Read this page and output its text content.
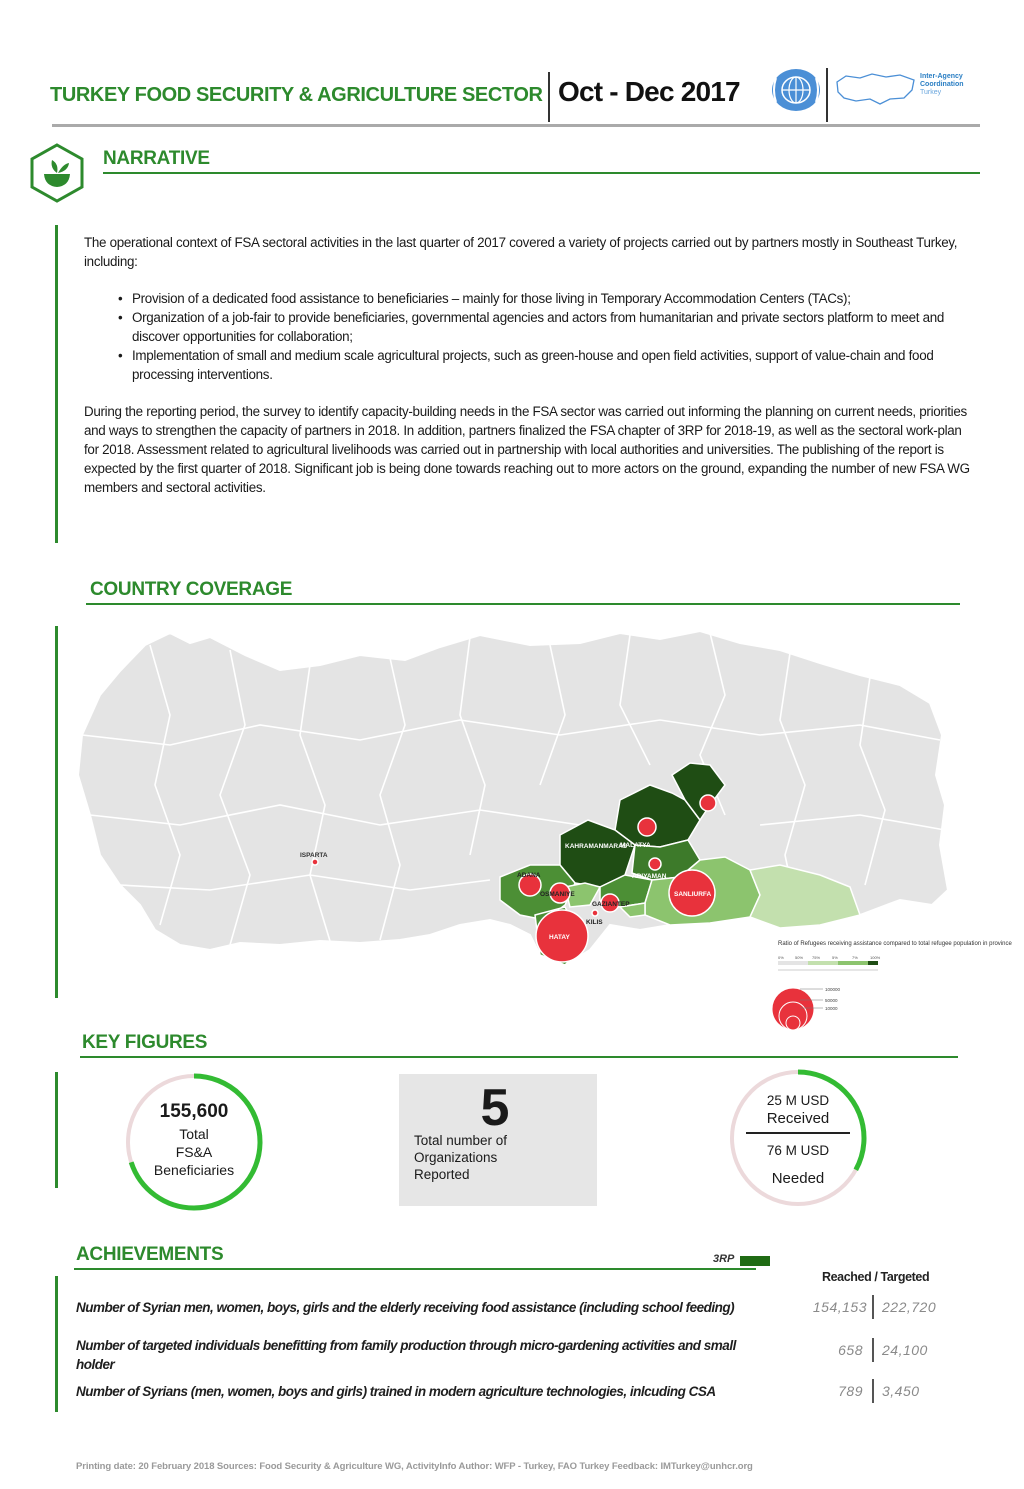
TURKEY FOOD SECURITY & AGRICULTURE SECTOR Oct - Dec 2017	Inter-Agency
Coordination
Turkey
NARRATIVE

The operational context of FSA sectoral activities in the last quarter of 2017 covered a variety of projects carried out by partners mostly in Southeast Turkey, including:

• Provision of a dedicated food assistance to beneficiaries – mainly for those living in Temporary Accommodation Centers (TACs);
• Organization of a job-fair to provide beneficiaries, governmental agencies and actors from humanitarian and private sectors platform to meet and discover opportunities for collaboration;
• Implementation of small and medium scale agricultural projects, such as green-house and open field activities, support of value-chain and food processing interventions.

During the reporting period, the survey to identify capacity-building needs in the FSA sector was carried out informing the planning on current needs, priorities and ways to strengthen the capacity of partners in 2018. In addition, partners finalized the FSA chapter of 3RP for 2018-19, as well as the sectoral work-plan for 2018. Assessment related to agricultural livelihoods was carried out in partnership with local authorities and universities. The publishing of the report is expected by the first quarter of 2018. Significant job is being done towards reaching out to more actors on the ground, expanding the number of new FSA WG members and sectoral activities.

COUNTRY COVERAGE
ISPARTA
ADANA
OSMANIYE
KAHRAMANMARAS
MALATYA
ADIYAMAN
GAZIANTEP
KILIS
SANLIURFA
HATAY
Ratio of Refugees receiving assistance compared to total refugee population in province
0%	50% 75%	5%	7%	100%
100000
50000
10000
KEY FIGURES
155,600
Total
FS&A
Beneficiaries
5
Total number of
Organizations
Reported
25 M USD
Received
76 M USD
Needed
ACHIEVEMENTS	3RP
Reached / Targeted
Number of Syrian men, women, boys, girls and the elderly receiving food assistance (including school feeding)	154,153 222,720
Number of targeted individuals benefitting from family production through micro-gardening activities and small holder
658 24,100
Number of Syrians (men, women, boys and girls) trained in modern agriculture technologies, inlcuding CSA	789 3,450
Printing date: 20 February 2018 Sources: Food Security & Agriculture WG, ActivityInfo Author: WFP - Turkey, FAO Turkey Feedback: IMTurkey@unhcr.org
